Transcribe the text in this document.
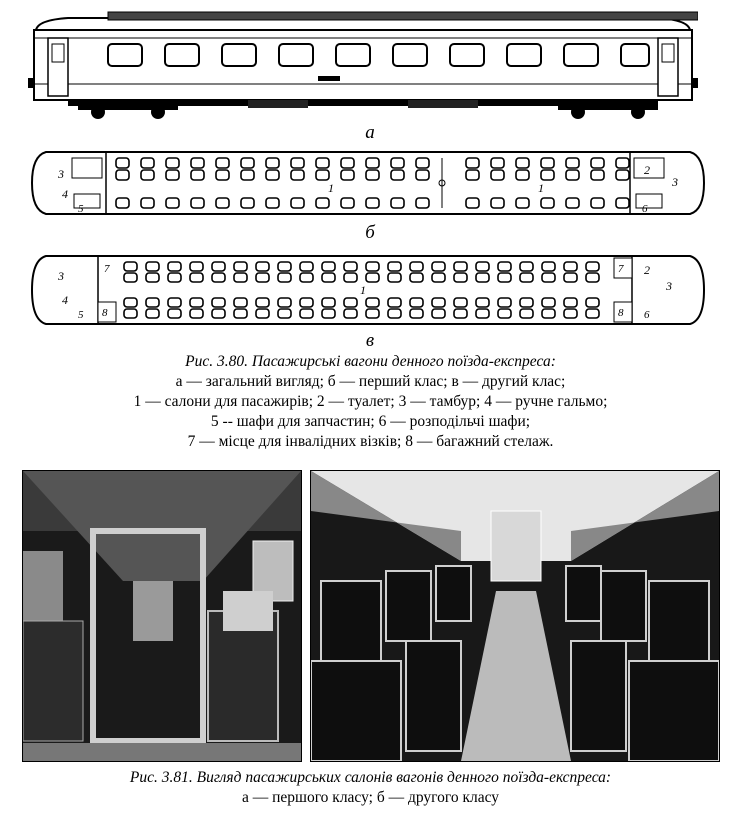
а
3
4
5
1	1
2
3
6
б
7
8
3
4
5
1
7 2
3
6
8
в
Рис. 3.80. Пасажирські вагони денного поїзда-експреса:
а — загальний вигляд; б — перший клас; в — другий клас;
1 — салони для пасажирів; 2 — туалет; 3 — тамбур; 4 — ручне гальмо;
5 -- шафи для запчастин; 6 — розподільчі шафи;
7 — місце для інвалідних візків; 8 — багажний стелаж.
Рис. 3.81. Вигляд пасажирських салонів вагонів денного поїзда-експреса:
а — першого класу; б — другого класу
